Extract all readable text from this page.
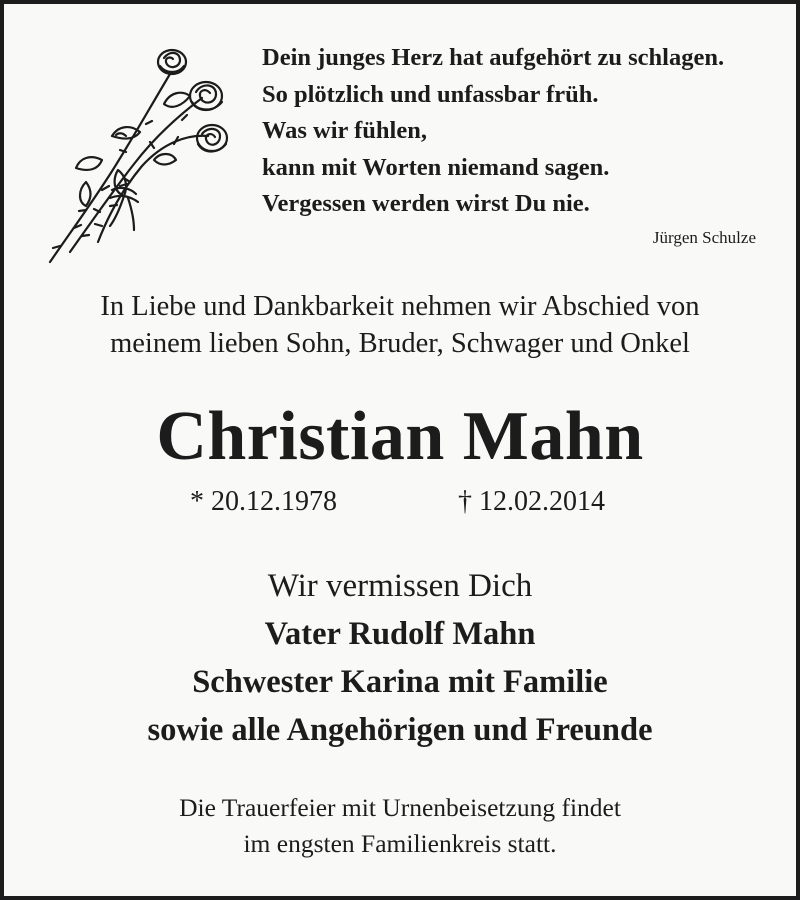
Dein junges Herz hat aufgehört zu schlagen.
So plötzlich und unfassbar früh.
Was wir fühlen,
kann mit Worten niemand sagen.
Vergessen werden wirst Du nie.
Jürgen Schulze
In Liebe und Dankbarkeit nehmen wir Abschied von
meinem lieben Sohn, Bruder, Schwager und Onkel
Christian Mahn
* 20.12.1978	† 12.02.2014
Wir vermissen Dich
Vater Rudolf Mahn
Schwester Karina mit Familie
sowie alle Angehörigen und Freunde
Die Trauerfeier mit Urnenbeisetzung findet
im engsten Familienkreis statt.
